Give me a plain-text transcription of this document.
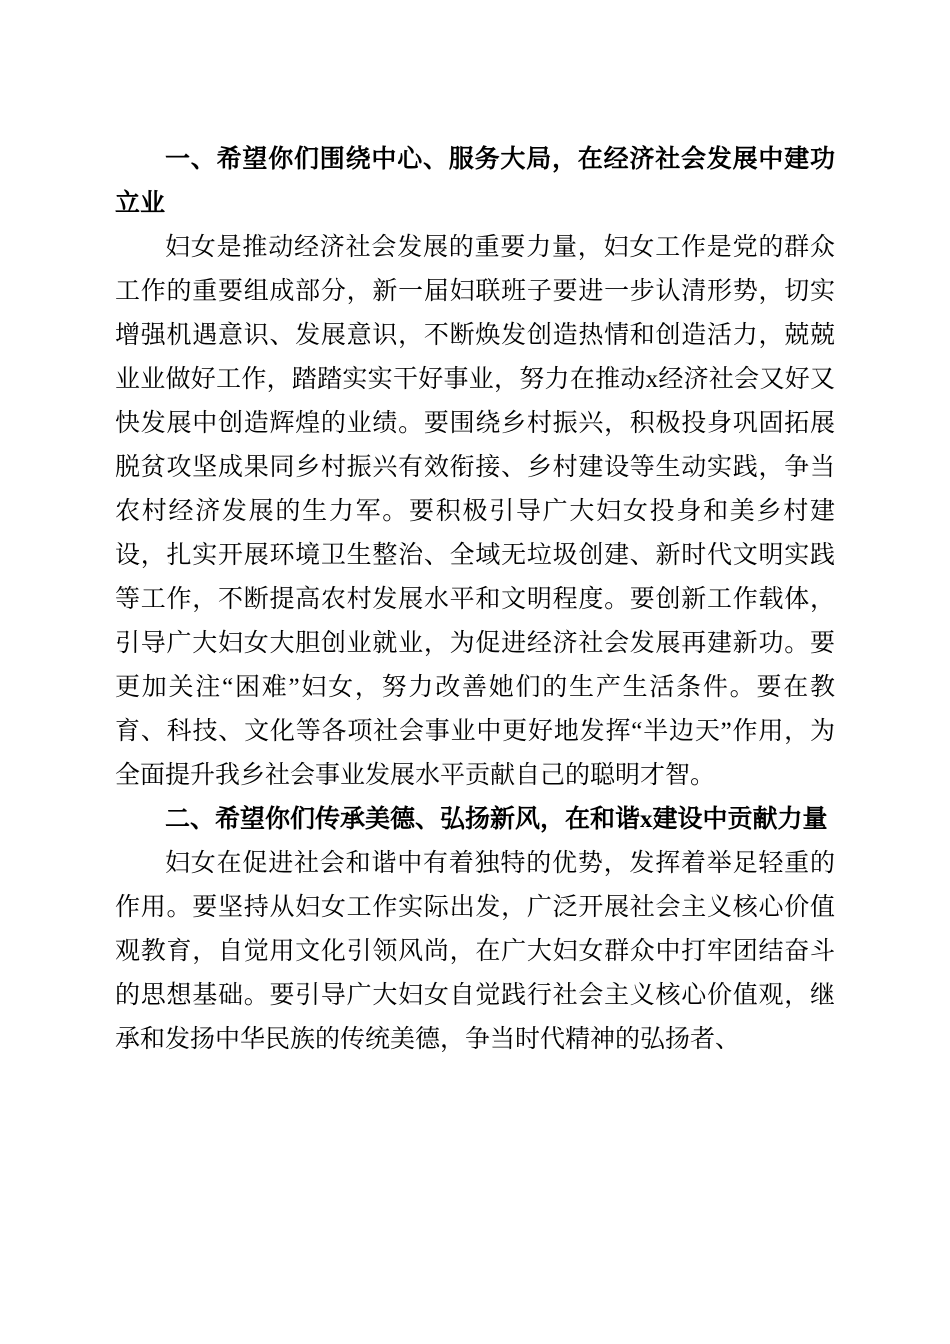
一、希望你们围绕中心、服务大局，在经济社会发展中建功立业

妇女是推动经济社会发展的重要力量，妇女工作是党的群众工作的重要组成部分，新一届妇联班子要进一步认清形势，切实增强机遇意识、发展意识，不断焕发创造热情和创造活力，兢兢业业做好工作，踏踏实实干好事业，努力在推动x经济社会又好又快发展中创造辉煌的业绩。要围绕乡村振兴，积极投身巩固拓展脱贫攻坚成果同乡村振兴有效衔接、乡村建设等生动实践，争当农村经济发展的生力军。要积极引导广大妇女投身和美乡村建设，扎实开展环境卫生整治、全域无垃圾创建、新时代文明实践等工作，不断提高农村发展水平和文明程度。要创新工作载体，引导广大妇女大胆创业就业，为促进经济社会发展再建新功。要更加关注“困难”妇女，努力改善她们的生产生活条件。要在教育、科技、文化等各项社会事业中更好地发挥“半边天”作用，为全面提升我乡社会事业发展水平贡献自己的聪明才智。

二、希望你们传承美德、弘扬新风，在和谐x建设中贡献力量

妇女在促进社会和谐中有着独特的优势，发挥着举足轻重的作用。要坚持从妇女工作实际出发，广泛开展社会主义核心价值观教育，自觉用文化引领风尚，在广大妇女群众中打牢团结奋斗的思想基础。要引导广大妇女自觉践行社会主义核心价值观，继承和发扬中华民族的传统美德，争当时代精神的弘扬者、
